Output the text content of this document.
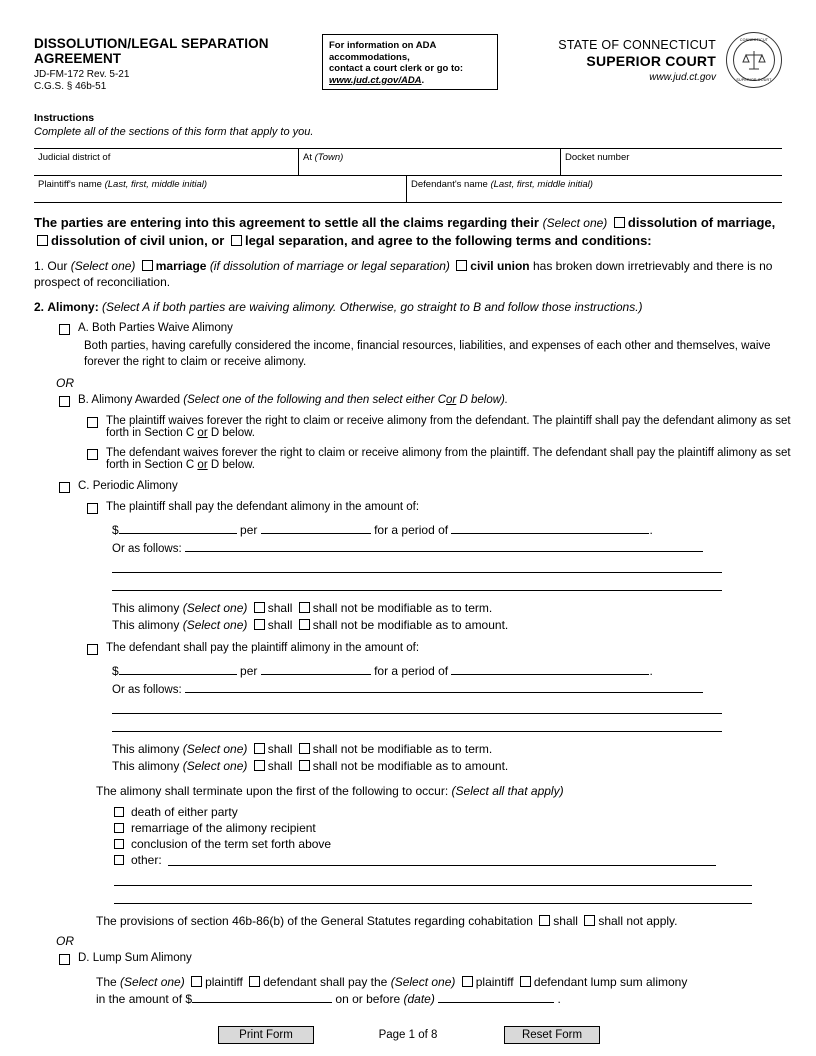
DISSOLUTION/LEGAL SEPARATION
AGREEMENT
JD-FM-172 Rev. 5-21
C.G.S. § 46b-51
For information on ADA
accommodations,
contact a court clerk or go to:
www.jud.ct.gov/ADA.
STATE OF CONNECTICUT
SUPERIOR COURT
www.jud.ct.gov
CONNECTICUT
SUPERIOR COURT
Instructions
Complete all of the sections of this form that apply to you.
Judicial district of	At (Town)	Docket number
Plaintiff's name (Last, first, middle initial)	Defendant's name (Last, first, middle initial)
The parties are entering into this agreement to settle all the claims regarding their (Select one) dissolution of marriage, dissolution of civil union, or legal separation, and agree to the following terms and conditions:
1. Our (Select one) marriage (if dissolution of marriage or legal separation) civil union has broken down irretrievably and there is no prospect of reconciliation.
2. Alimony: (Select A if both parties are waiving alimony. Otherwise, go straight to B and follow those instructions.)
A. Both Parties Waive Alimony
Both parties, having carefully considered the income, financial resources, liabilities, and expenses of each other and themselves, waive forever the right to claim or receive alimony.
OR
B. Alimony Awarded (Select one of the following and then select either Cor D below).
The plaintiff waives forever the right to claim or receive alimony from the defendant. The plaintiff shall pay the defendant alimony as set forth in Section C or D below.
The defendant waives forever the right to claim or receive alimony from the plaintiff. The defendant shall pay the plaintiff alimony as set forth in Section C or D below.
C. Periodic Alimony
The plaintiff shall pay the defendant alimony in the amount of:
$	per	for a period of	.
Or as follows:
This alimony (Select one) shall shall not be modifiable as to term.
This alimony (Select one) shall shall not be modifiable as to amount.
The defendant shall pay the plaintiff alimony in the amount of:
$	per	for a period of	.
Or as follows:
This alimony (Select one) shall shall not be modifiable as to term.
This alimony (Select one) shall shall not be modifiable as to amount.
The alimony shall terminate upon the first of the following to occur: (Select all that apply)
death of either party
remarriage of the alimony recipient
conclusion of the term set forth above
other:
The provisions of section 46b-86(b) of the General Statutes regarding cohabitation shall shall not apply.
OR
D. Lump Sum Alimony
The (Select one) plaintiff defendant shall pay the (Select one) plaintiff defendant lump sum alimony
in the amount of $	on or before (date)	.
Print Form	Page 1 of 8	Reset Form
